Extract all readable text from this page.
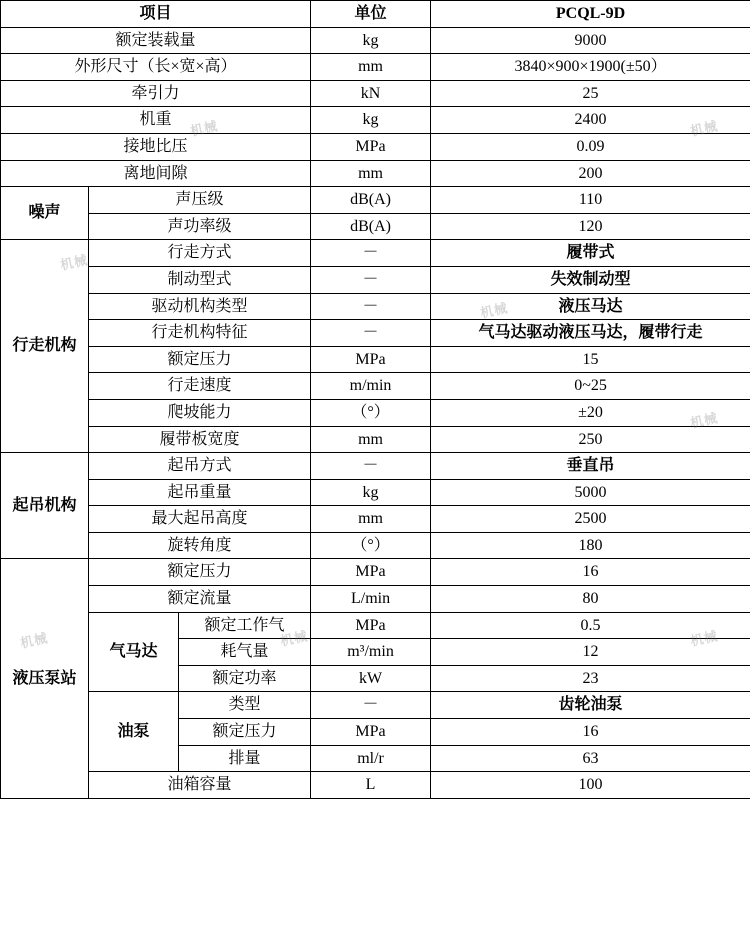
机械	机械
机械
机械
机械	机械	机械
机械
项目			单位	PCQL-9D
额定装载量			kg	9000
外形尺寸（长×宽×高）			mm	3840×900×1900(±50）
牵引力			kN	25
机重			kg	2400
接地比压			MPa	0.09
离地间隙			mm	200
噪声	声压级		dB(A)	110
	声功率级		dB(A)	120
行走机构	行走方式		－	履带式
	制动型式		－	失效制动型
	驱动机构类型		－	液压马达
	行走机构特征		－	气马达驱动液压马达，履带行走
	额定压力		MPa	15
	行走速度		m/min	0~25
	爬坡能力		（°）	±20
	履带板宽度		mm	250
起吊机构	起吊方式		－	垂直吊
	起吊重量		kg	5000
	最大起吊高度		mm	2500
	旋转角度		（°）	180
液压泵站	额定压力		MPa	16
	额定流量		L/min	80
	气马达	额定工作气	MPa	0.5
		耗气量	m³/min	12
		额定功率	kW	23
	油泵	类型	－	齿轮油泵
		额定压力	MPa	16
		排量	ml/r	63
	油箱容量		L	100
